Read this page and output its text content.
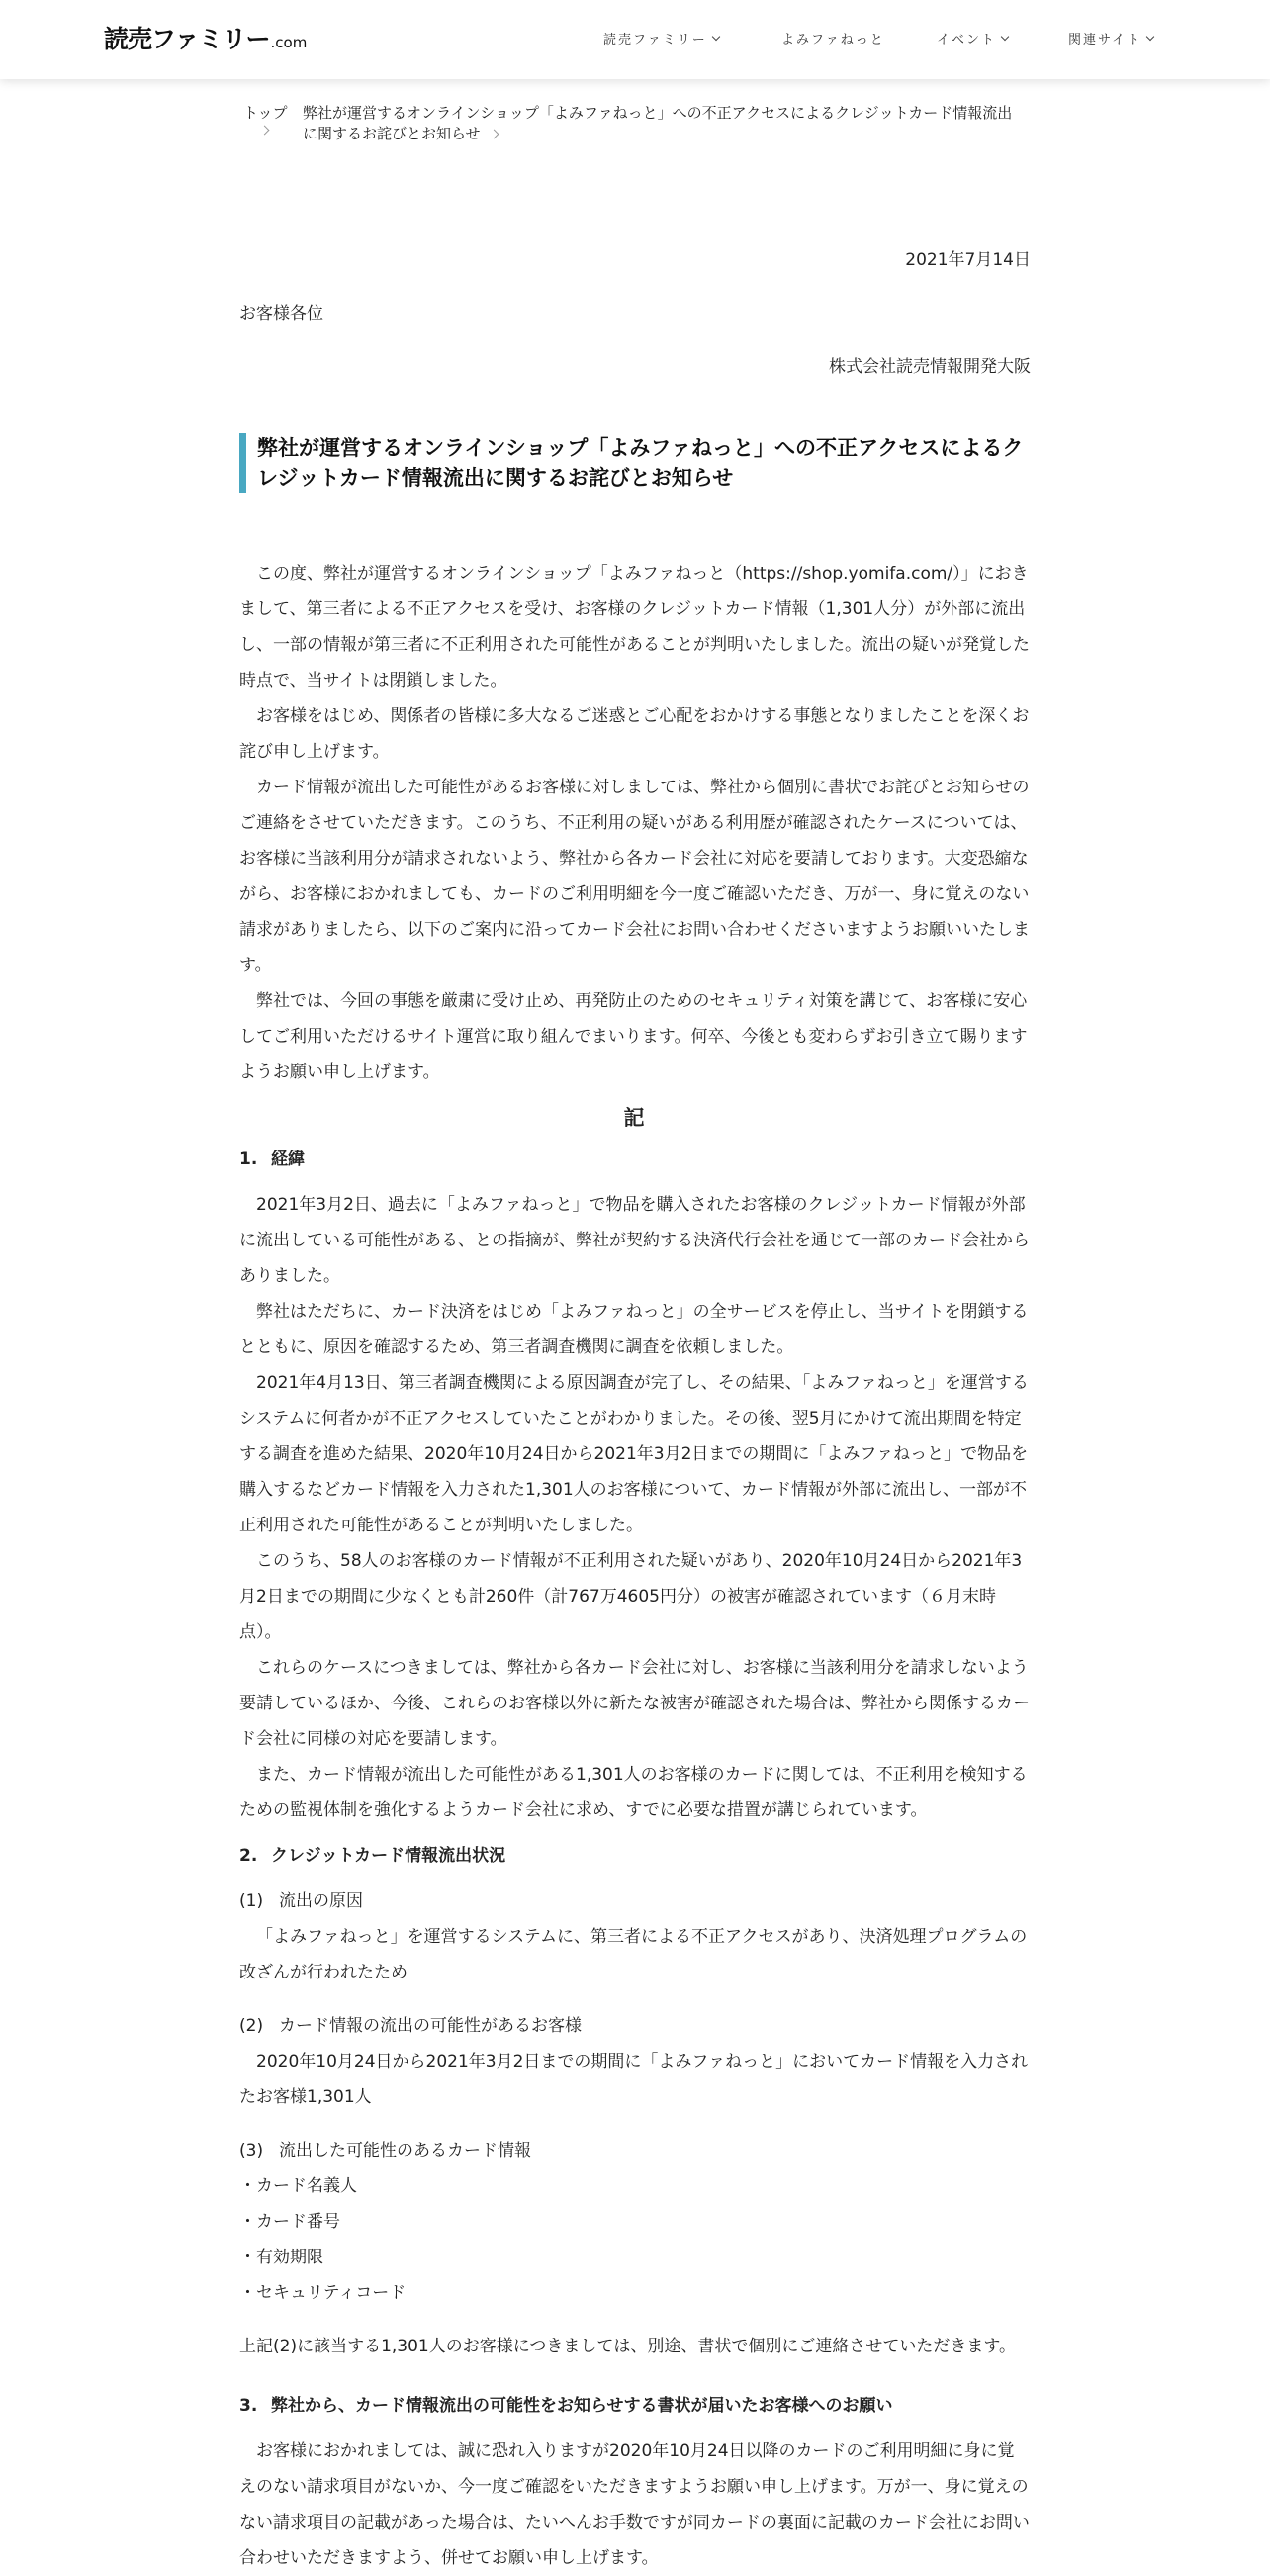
読売ファミリー.com	読売ファミリー	よみファねっと	イベント	関連サイト
トップ 弊社が運営するオンラインショップ「よみファねっと」への不正アクセスによるクレジットカード情報流出に関するお詫びとお知らせ
2021年7月14日
お客様各位
株式会社読売情報開発大阪
弊社が運営するオンラインショップ「よみファねっと」への不正アクセスによるクレジットカード情報流出に関するお詫びとお知らせ

この度、弊社が運営するオンラインショップ「よみファねっと（https://shop.yomifa.com/）」におきまして、第三者による不正アクセスを受け、お客様のクレジットカード情報（1,301人分）が外部に流出し、一部の情報が第三者に不正利用された可能性があることが判明いたしました。流出の疑いが発覚した時点で、当サイトは閉鎖しました。

お客様をはじめ、関係者の皆様に多大なるご迷惑とご心配をおかけする事態となりましたことを深くお詫び申し上げます。

カード情報が流出した可能性があるお客様に対しましては、弊社から個別に書状でお詫びとお知らせのご連絡をさせていただきます。このうち、不正利用の疑いがある利用歴が確認されたケースについては、お客様に当該利用分が請求されないよう、弊社から各カード会社に対応を要請しております。大変恐縮ながら、お客様におかれましても、カードのご利用明細を今一度ご確認いただき、万が一、身に覚えのない請求がありましたら、以下のご案内に沿ってカード会社にお問い合わせくださいますようお願いいたします。

弊社では、今回の事態を厳粛に受け止め、再発防止のためのセキュリティ対策を講じて、お客様に安心してご利用いただけるサイト運営に取り組んでまいります。何卒、今後とも変わらずお引き立て賜りますようお願い申し上げます。

記
1. 経緯

2021年3月2日、過去に「よみファねっと」で物品を購入されたお客様のクレジットカード情報が外部に流出している可能性がある、との指摘が、弊社が契約する決済代行会社を通じて一部のカード会社からありました。

弊社はただちに、カード決済をはじめ「よみファねっと」の全サービスを停止し、当サイトを閉鎖するとともに、原因を確認するため、第三者調査機関に調査を依頼しました。

2021年4月13日、第三者調査機関による原因調査が完了し、その結果、「よみファねっと」を運営するシステムに何者かが不正アクセスしていたことがわかりました。その後、翌5月にかけて流出期間を特定する調査を進めた結果、2020年10月24日から2021年3月2日までの期間に「よみファねっと」で物品を購入するなどカード情報を入力された1,301人のお客様について、カード情報が外部に流出し、一部が不正利用された可能性があることが判明いたしました。

このうち、58人のお客様のカード情報が不正利用された疑いがあり、2020年10月24日から2021年3月2日までの期間に少なくとも計260件（計767万4605円分）の被害が確認されています（６月末時点）。

これらのケースにつきましては、弊社から各カード会社に対し、お客様に当該利用分を請求しないよう要請しているほか、今後、これらのお客様以外に新たな被害が確認された場合は、弊社から関係するカード会社に同様の対応を要請します。

また、カード情報が流出した可能性がある1,301人のお客様のカードに関しては、不正利用を検知するための監視体制を強化するようカード会社に求め、すでに必要な措置が講じられています。

2. クレジットカード情報流出状況
(1) 流出の原因

「よみファねっと」を運営するシステムに、第三者による不正アクセスがあり、決済処理プログラムの改ざんが行われたため

(2) カード情報の流出の可能性があるお客様

2020年10月24日から2021年3月2日までの期間に「よみファねっと」においてカード情報を入力されたお客様1,301人

(3) 流出した可能性のあるカード情報
・カード名義人
・カード番号
・有効期限
・セキュリティコード

上記(2)に該当する1,301人のお客様につきましては、別途、書状で個別にご連絡させていただきます。

3. 弊社から、カード情報流出の可能性をお知らせする書状が届いたお客様へのお願い

お客様におかれましては、誠に恐れ入りますが2020年10月24日以降のカードのご利用明細に身に覚えのない請求項目がないか、今一度ご確認をいただきますようお願い申し上げます。万が一、身に覚えのない請求項目の記載があった場合は、たいへんお手数ですが同カードの裏面に記載のカード会社にお問い合わせいただきますよう、併せてお願い申し上げます。
